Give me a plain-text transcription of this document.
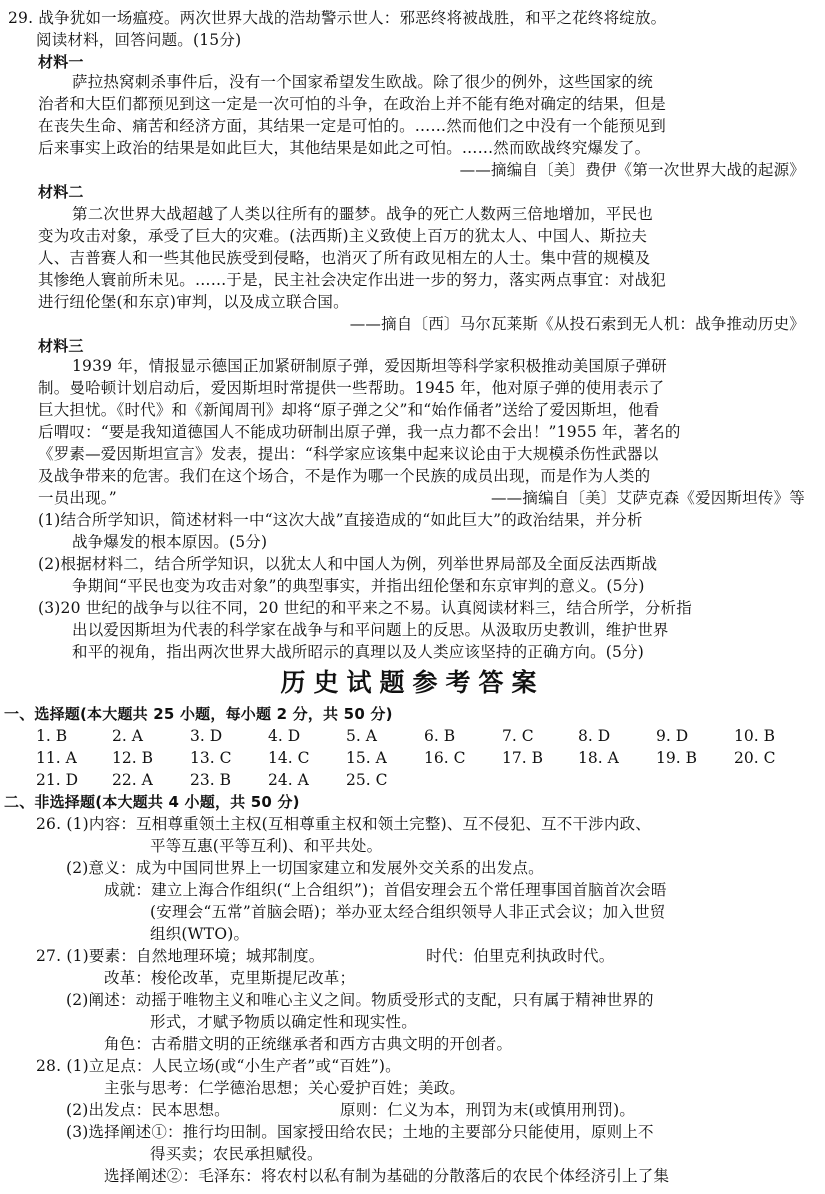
29. 战争犹如一场瘟疫。两次世界大战的浩劫警示世人：邪恶终将被战胜，和平之花终将绽放。
阅读材料，回答问题。(15分)
材料一
萨拉热窝刺杀事件后，没有一个国家希望发生欧战。除了很少的例外，这些国家的统
治者和大臣们都预见到这一定是一次可怕的斗争，在政治上并不能有绝对确定的结果，但是
在丧失生命、痛苦和经济方面，其结果一定是可怕的。……然而他们之中没有一个能预见到
后来事实上政治的结果是如此巨大，其他结果是如此之可怕。……然而欧战终究爆发了。
——摘编自〔美〕费伊《第一次世界大战的起源》
材料二
第二次世界大战超越了人类以往所有的噩梦。战争的死亡人数两三倍地增加，平民也
变为攻击对象，承受了巨大的灾难。(法西斯)主义致使上百万的犹太人、中国人、斯拉夫
人、吉普赛人和一些其他民族受到侵略，也消灭了所有政见相左的人士。集中营的规模及
其惨绝人寰前所未见。……于是，民主社会决定作出进一步的努力，落实两点事宜：对战犯
进行纽伦堡(和东京)审判，以及成立联合国。
——摘自〔西〕马尔瓦莱斯《从投石索到无人机：战争推动历史》
材料三
1939 年，情报显示德国正加紧研制原子弹，爱因斯坦等科学家积极推动美国原子弹研
制。曼哈顿计划启动后，爱因斯坦时常提供一些帮助。1945 年，他对原子弹的使用表示了
巨大担忧。《时代》和《新闻周刊》却将“原子弹之父”和“始作俑者”送给了爱因斯坦，他看
后喟叹：“要是我知道德国人不能成功研制出原子弹，我一点力都不会出！”1955 年，著名的
《罗素—爱因斯坦宣言》发表，提出：“科学家应该集中起来议论由于大规模杀伤性武器以
及战争带来的危害。我们在这个场合，不是作为哪一个民族的成员出现，而是作为人类的
一员出现。”	——摘编自〔美〕艾萨克森《爱因斯坦传》等
(1)结合所学知识，简述材料一中“这次大战”直接造成的“如此巨大”的政治结果，并分析
战争爆发的根本原因。(5分)
(2)根据材料二，结合所学知识，以犹太人和中国人为例，列举世界局部及全面反法西斯战
争期间“平民也变为攻击对象”的典型事实，并指出纽伦堡和东京审判的意义。(5分)
(3)20 世纪的战争与以往不同，20 世纪的和平来之不易。认真阅读材料三，结合所学，分析指
出以爱因斯坦为代表的科学家在战争与和平问题上的反思。从汲取历史教训，维护世界
和平的视角，指出两次世界大战所昭示的真理以及人类应该坚持的正确方向。(5分)
历史试题参考答案
一、选择题(本大题共 25 小题，每小题 2 分，共 50 分)
1. B	2. A	3. D	4. D	5. A	6. B	7. C	8. D	9. D	10. B
11. A 12. B 13. C 14. C 15. A 16. C 17. B 18. A 19. B 20. C
21. D 22. A 23. B 24. A 25. C
二、非选择题(本大题共 4 小题，共 50 分)
26. (1)内容：互相尊重领土主权(互相尊重主权和领土完整)、互不侵犯、互不干涉内政、
平等互惠(平等互利)、和平共处。
(2)意义：成为中国同世界上一切国家建立和发展外交关系的出发点。
成就：建立上海合作组织(“上合组织”)；首倡安理会五个常任理事国首脑首次会晤
(安理会“五常”首脑会晤)；举办亚太经合组织领导人非正式会议；加入世贸
组织(WTO)。
27. (1)要素：自然地理环境；城邦制度。	时代：伯里克利执政时代。
改革：梭伦改革，克里斯提尼改革；
(2)阐述：动摇于唯物主义和唯心主义之间。物质受形式的支配，只有属于精神世界的
形式，才赋予物质以确定性和现实性。
角色：古希腊文明的正统继承者和西方古典文明的开创者。
28. (1)立足点：人民立场(或“小生产者”或“百姓”)。
主张与思考：仁学德治思想；关心爱护百姓；美政。
(2)出发点：民本思想。	原则：仁义为本，刑罚为末(或慎用刑罚)。
(3)选择阐述①：推行均田制。国家授田给农民；土地的主要部分只能使用，原则上不
得买卖；农民承担赋役。
选择阐述②：毛泽东：将农村以私有制为基础的分散落后的农民个体经济引上了集
